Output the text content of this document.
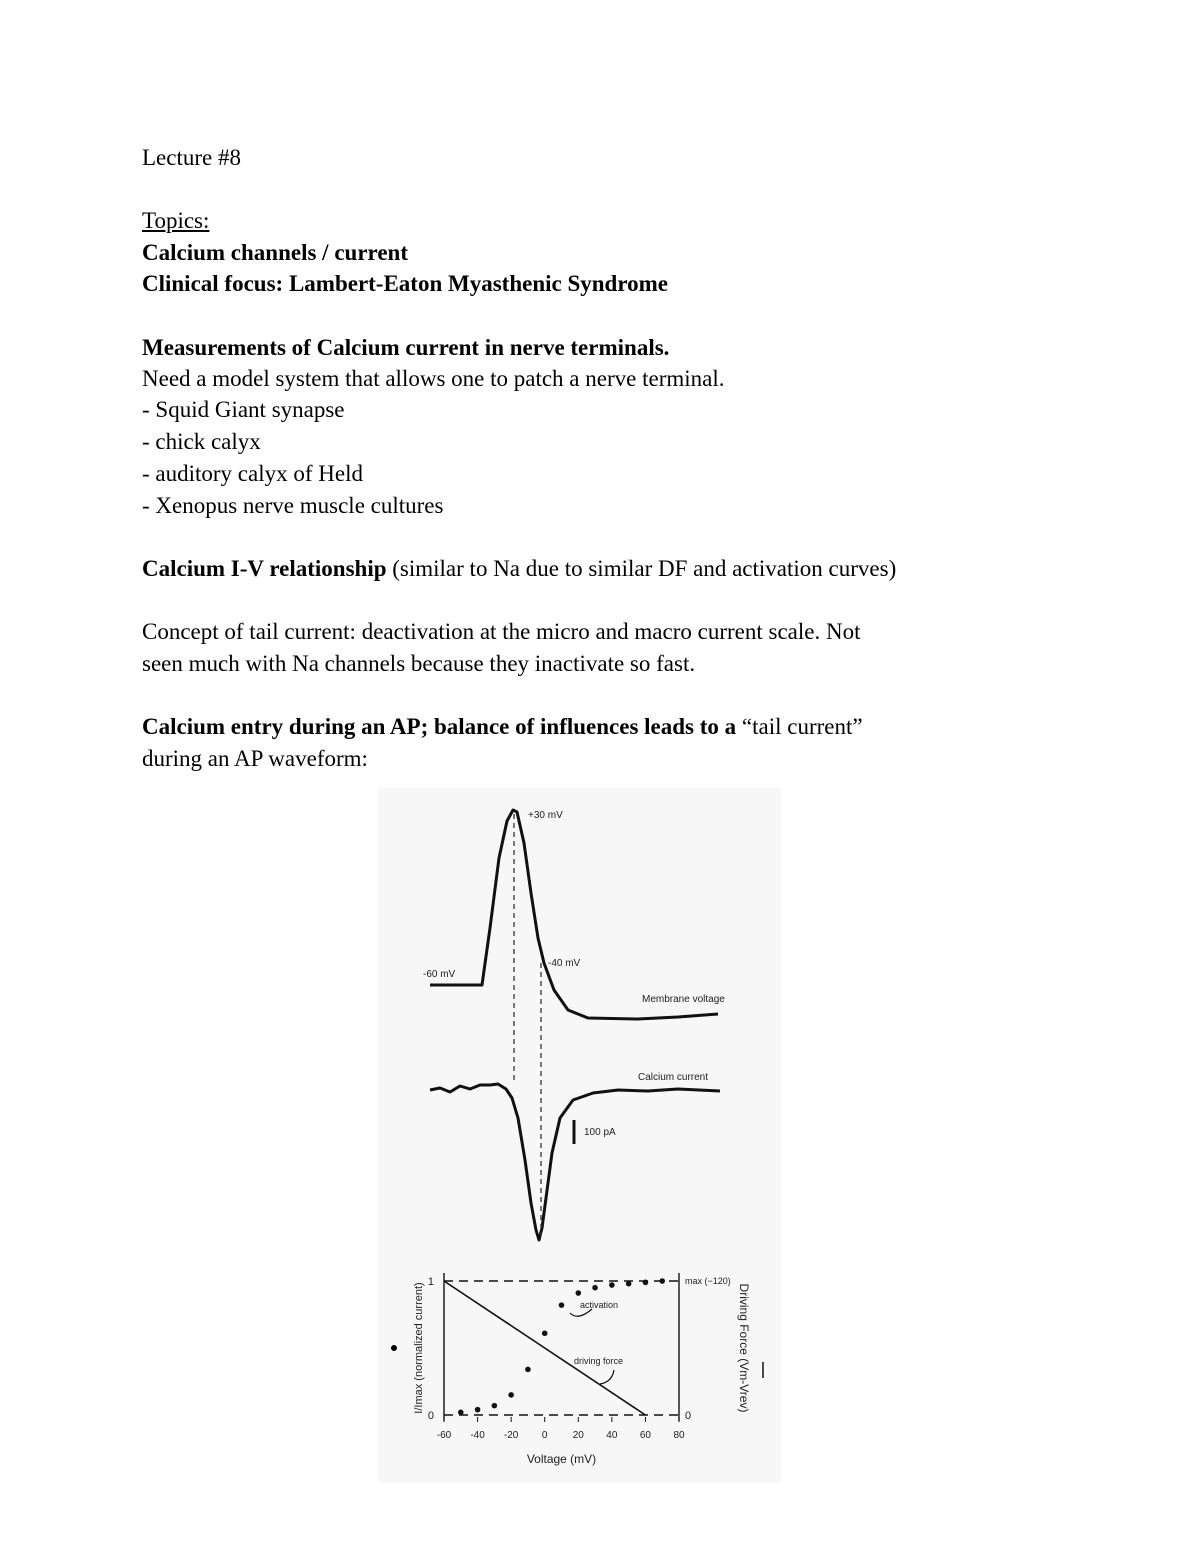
Lecture #8
Topics:
Calcium channels / current
Clinical focus: Lambert-Eaton Myasthenic Syndrome
Measurements of Calcium current in nerve terminals.
Need a model system that allows one to patch a nerve terminal.
- Squid Giant synapse
- chick calyx
- auditory calyx of Held
- Xenopus nerve muscle cultures
Calcium I-V relationship (similar to Na due to similar DF and activation curves)
Concept of tail current: deactivation at the micro and macro current scale. Not
seen much with Na channels because they inactivate so fast.
Calcium entry during an AP; balance of influences leads to a “tail current”
during an AP waveform:
+30 mV
-60 mV
-40 mV
Membrane voltage
Calcium current
100 pA
-60 -40 -20 0	20 40 60 80
0
1
0
max (−120)
Voltage (mV)
I/Imax (normalized current)	Driving Force (Vm-Vrev)
activation
driving force
